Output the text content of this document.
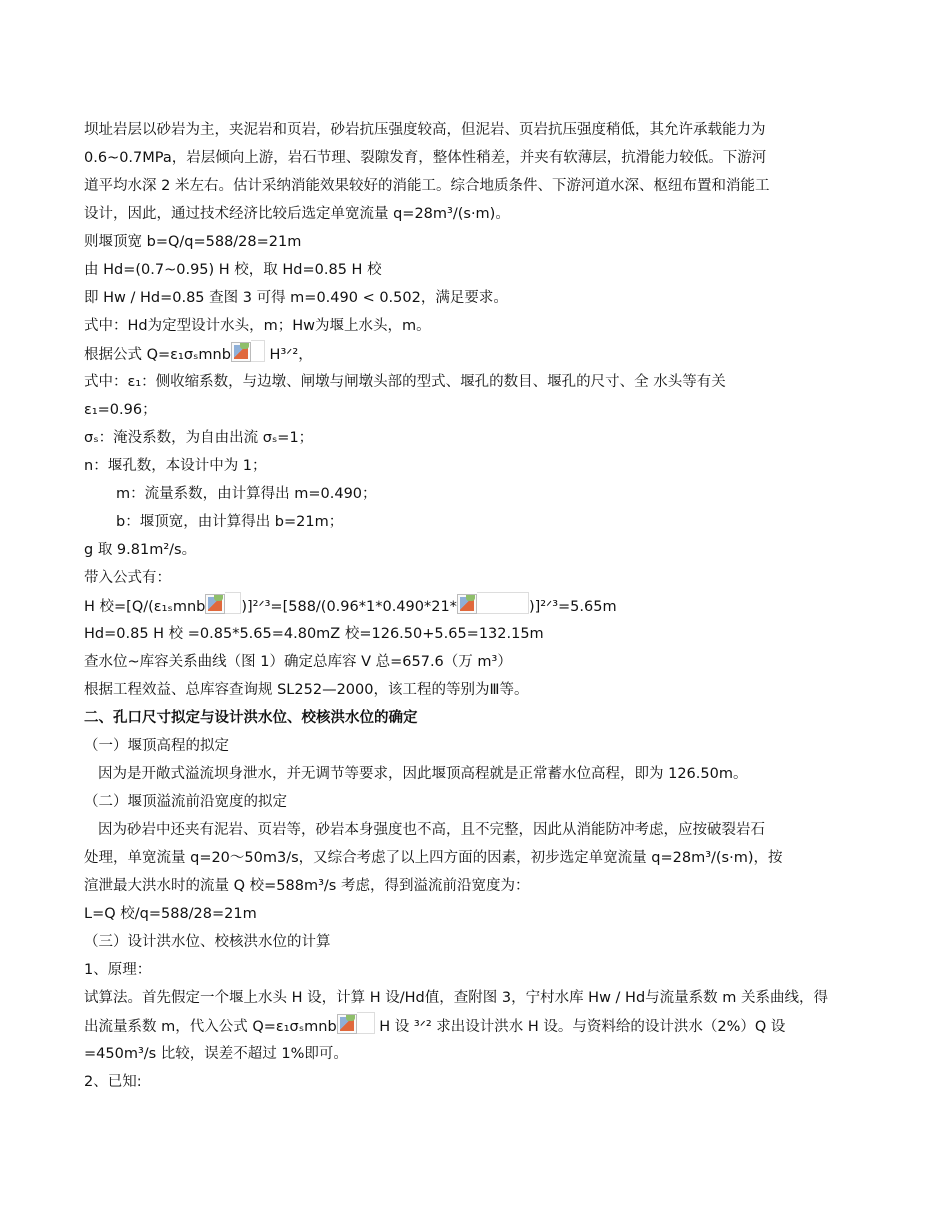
坝址岩层以砂岩为主，夹泥岩和页岩，砂岩抗压强度较高，但泥岩、页岩抗压强度稍低，其允许承载能力为
0.6~0.7MPa，岩层倾向上游，岩石节理、裂隙发育，整体性稍差，并夹有软薄层，抗滑能力较低。下游河
道平均水深 2 米左右。估计采纳消能效果较好的消能工。综合地质条件、下游河道水深、枢纽布置和消能工
设计，因此，通过技术经济比较后选定单宽流量 q=28m³/(s·m)。
则堰顶宽 b=Q/q=588/28=21m
由 Hd=(0.7~0.95) H 校，取 Hd=0.85 H 校
即 Hw / Hd=0.85 查图 3 可得 m=0.490 < 0.502，满足要求。
式中：Hd为定型设计水头，m；Hw为堰上水头，m。
根据公式 Q=ε₁σₛmnb H³ᐟ²，
式中：ε₁：侧收缩系数，与边墩、闸墩与闸墩头部的型式、堰孔的数目、堰孔的尺寸、全 水头等有关
ε₁=0.96；
σₛ：淹没系数，为自由出流 σₛ=1；
n：堰孔数，本设计中为 1；
m：流量系数，由计算得出 m=0.490；
b：堰顶宽，由计算得出 b=21m；
g 取 9.81m²/s。
带入公式有：
H 校=[Q/(ε₁ₛmnb )]²ᐟ³=[588/(0.96*1*0.490*21*	)]²ᐟ³=5.65m
Hd=0.85 H 校 =0.85*5.65=4.80mZ 校=126.50+5.65=132.15m
查水位~库容关系曲线（图 1）确定总库容 V 总=657.6（万 m³）
根据工程效益、总库容查询规 SL252—2000，该工程的等别为Ⅲ等。
二、孔口尺寸拟定与设计洪水位、校核洪水位的确定
（一）堰顶高程的拟定
因为是开敞式溢流坝身泄水，并无调节等要求，因此堰顶高程就是正常蓄水位高程，即为 126.50m。
（二）堰顶溢流前沿宽度的拟定
因为砂岩中还夹有泥岩、页岩等，砂岩本身强度也不高，且不完整，因此从消能防冲考虑，应按破裂岩石
处理，单宽流量 q=20～50m3/s，又综合考虑了以上四方面的因素，初步选定单宽流量 q=28m³/(s·m)，按
渲泄最大洪水时的流量 Q 校=588m³/s 考虑，得到溢流前沿宽度为：
L=Q 校/q=588/28=21m
（三）设计洪水位、校核洪水位的计算
1、原理：
试算法。首先假定一个堰上水头 H 设，计算 H 设/Hd值，查附图 3，宁村水库 Hw / Hd与流量系数 m 关系曲线，得
出流量系数 m，代入公式 Q=ε₁σₛmnb	H 设 ³ᐟ² 求出设计洪水 H 设。与资料给的设计洪水（2%）Q 设
=450m³/s 比较，误差不超过 1%即可。
2、已知:
